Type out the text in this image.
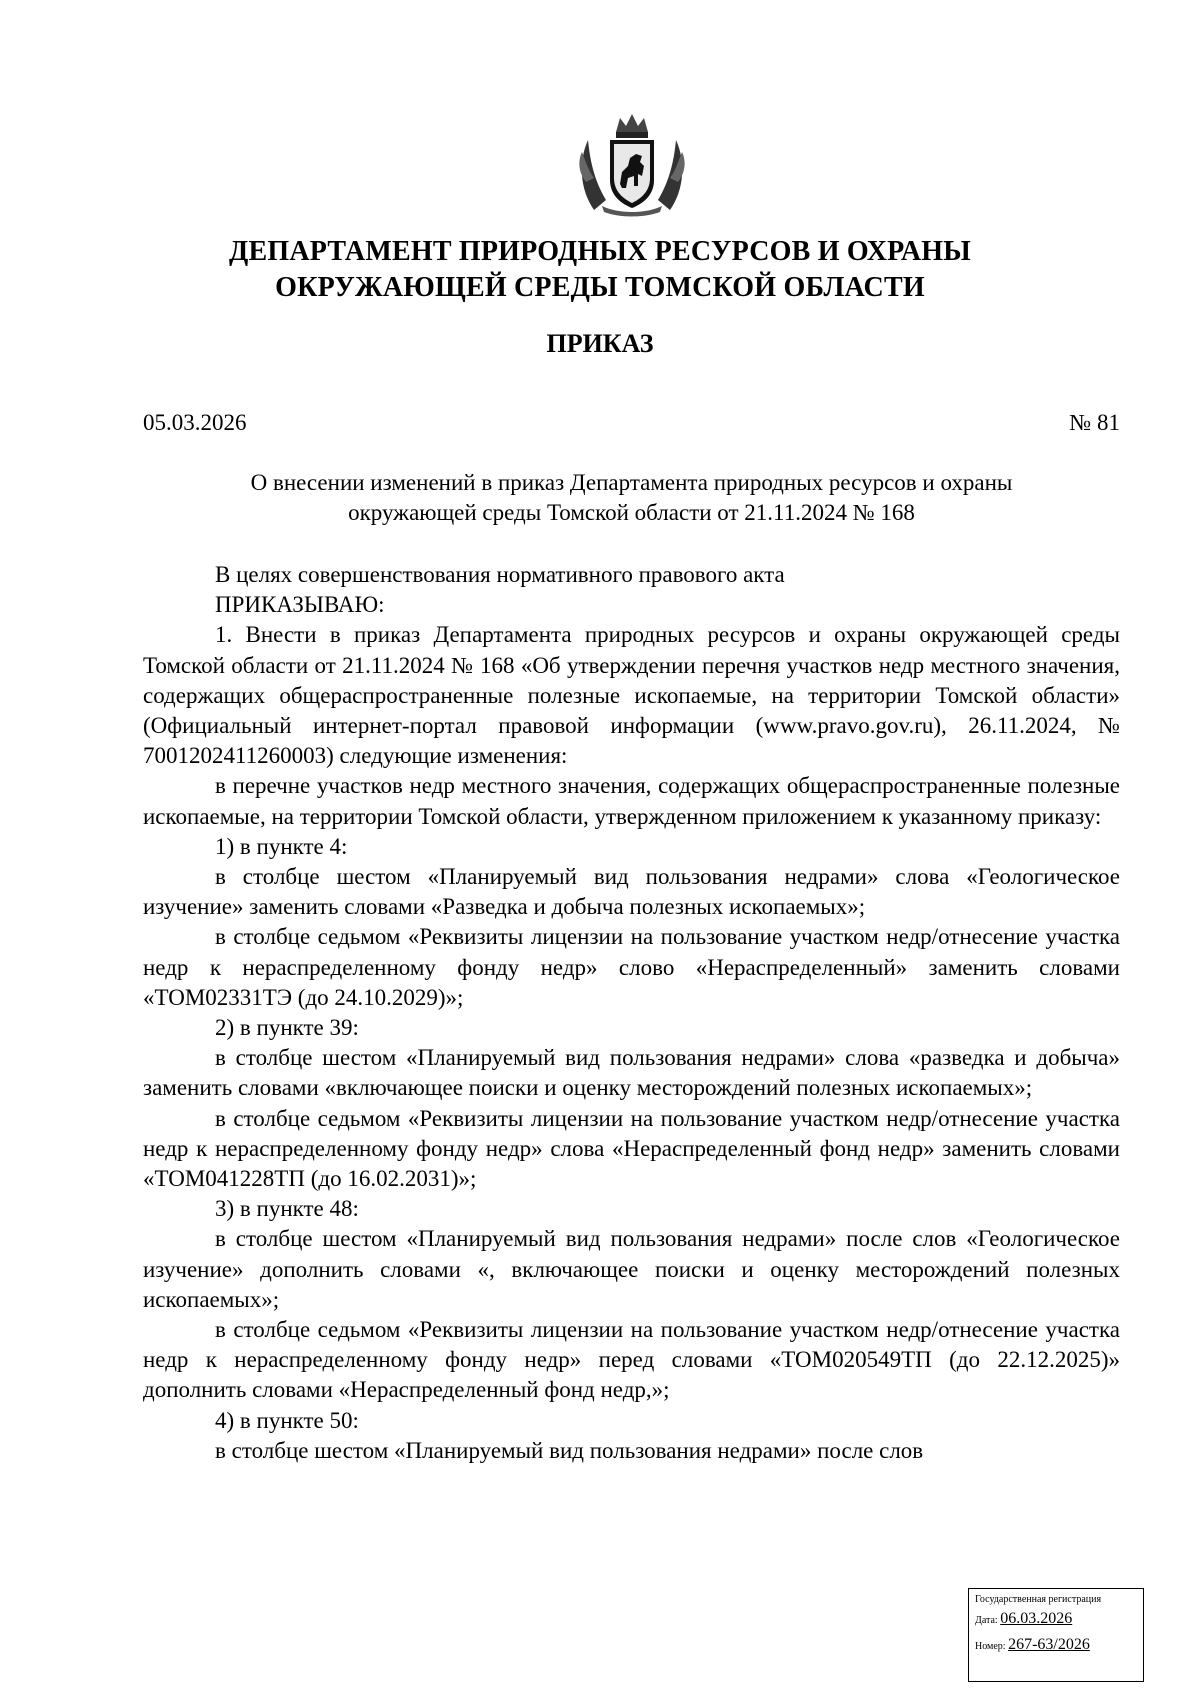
ДЕПАРТАМЕНТ ПРИРОДНЫХ РЕСУРСОВ И ОХРАНЫ
ОКРУЖАЮЩЕЙ СРЕДЫ ТОМСКОЙ ОБЛАСТИ
ПРИКАЗ
05.03.2026	№ 81
О внесении изменений в приказ Департамента природных ресурсов и охраны
окружающей среды Томской области от 21.11.2024 № 168

В целях совершенствования нормативного правового акта

ПРИКАЗЫВАЮ:

1. Внести в приказ Департамента природных ресурсов и охраны окружающей среды Томской области от 21.11.2024 № 168 «Об утверждении перечня участков недр местного значения, содержащих общераспространенные полезные ископаемые, на территории Томской области» (Официальный интернет-портал правовой информации (www.pravo.gov.ru), 26.11.2024, № 7001202411260003) следующие изменения:

в перечне участков недр местного значения, содержащих общераспространенные полезные ископаемые, на территории Томской области, утвержденном приложением к указанному приказу:

1) в пункте 4:

в столбце шестом «Планируемый вид пользования недрами» слова «Геологическое изучение» заменить словами «Разведка и добыча полезных ископаемых»;

в столбце седьмом «Реквизиты лицензии на пользование участком недр/отнесение участка недр к нераспределенному фонду недр» слово «Нераспределенный» заменить словами «ТОМ02331ТЭ (до 24.10.2029)»;

2) в пункте 39:

в столбце шестом «Планируемый вид пользования недрами» слова «разведка и добыча» заменить словами «включающее поиски и оценку месторождений полезных ископаемых»;

в столбце седьмом «Реквизиты лицензии на пользование участком недр/отнесение участка недр к нераспределенному фонду недр» слова «Нераспределенный фонд недр» заменить словами «ТОМ041228ТП (до 16.02.2031)»;

3) в пункте 48:

в столбце шестом «Планируемый вид пользования недрами» после слов «Геологическое изучение» дополнить словами «, включающее поиски и оценку месторождений полезных ископаемых»;

в столбце седьмом «Реквизиты лицензии на пользование участком недр/отнесение участка недр к нераспределенному фонду недр» перед словами «ТОМ020549ТП (до 22.12.2025)» дополнить словами «Нераспределенный фонд недр,»;

4) в пункте 50:

в столбце шестом «Планируемый вид пользования недрами» после слов

Государственная регистрация
Дата: 06.03.2026
Номер: 267-63/2026
